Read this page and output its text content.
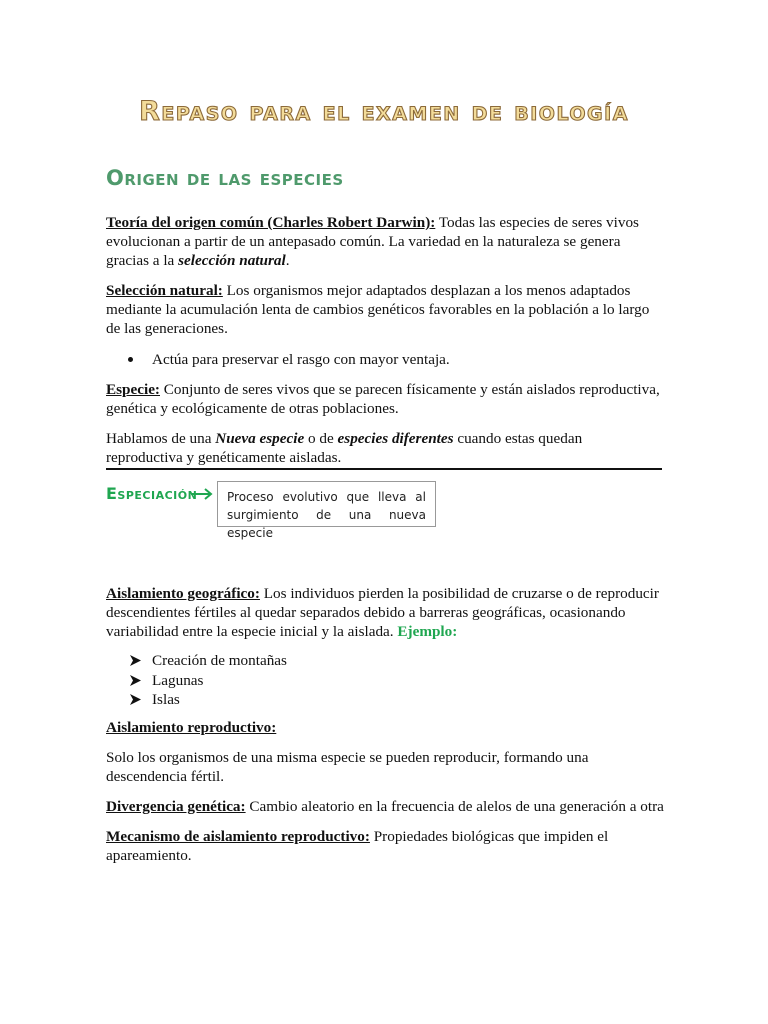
Repaso para el examen de biología
Origen de las especies

Teoría del origen común (Charles Robert Darwin): Todas las especies de seres vivos evolucionan a partir de un antepasado común. La variedad en la naturaleza se genera gracias a la selección natural.

Selección natural: Los organismos mejor adaptados desplazan a los menos adaptados mediante la acumulación lenta de cambios genéticos favorables en la población a lo largo de las generaciones.

Actúa para preservar el rasgo con mayor ventaja.

Especie: Conjunto de seres vivos que se parecen físicamente y están aislados reproductiva, genética y ecológicamente de otras poblaciones.

Hablamos de una Nueva especie o de especies diferentes cuando estas quedan reproductiva y genéticamente aisladas.

Especiación	Proceso evolutivo que lleva al surgimiento de una nueva especie

Aislamiento geográfico: Los individuos pierden la posibilidad de cruzarse o de reproducir descendientes fértiles al quedar separados debido a barreras geográficas, ocasionando variabilidad entre la especie inicial y la aislada. Ejemplo:

Creación de montañas
Lagunas
Islas

Aislamiento reproductivo:

Solo los organismos de una misma especie se pueden reproducir, formando una descendencia fértil.

Divergencia genética: Cambio aleatorio en la frecuencia de alelos de una generación a otra

Mecanismo de aislamiento reproductivo: Propiedades biológicas que impiden el apareamiento.
